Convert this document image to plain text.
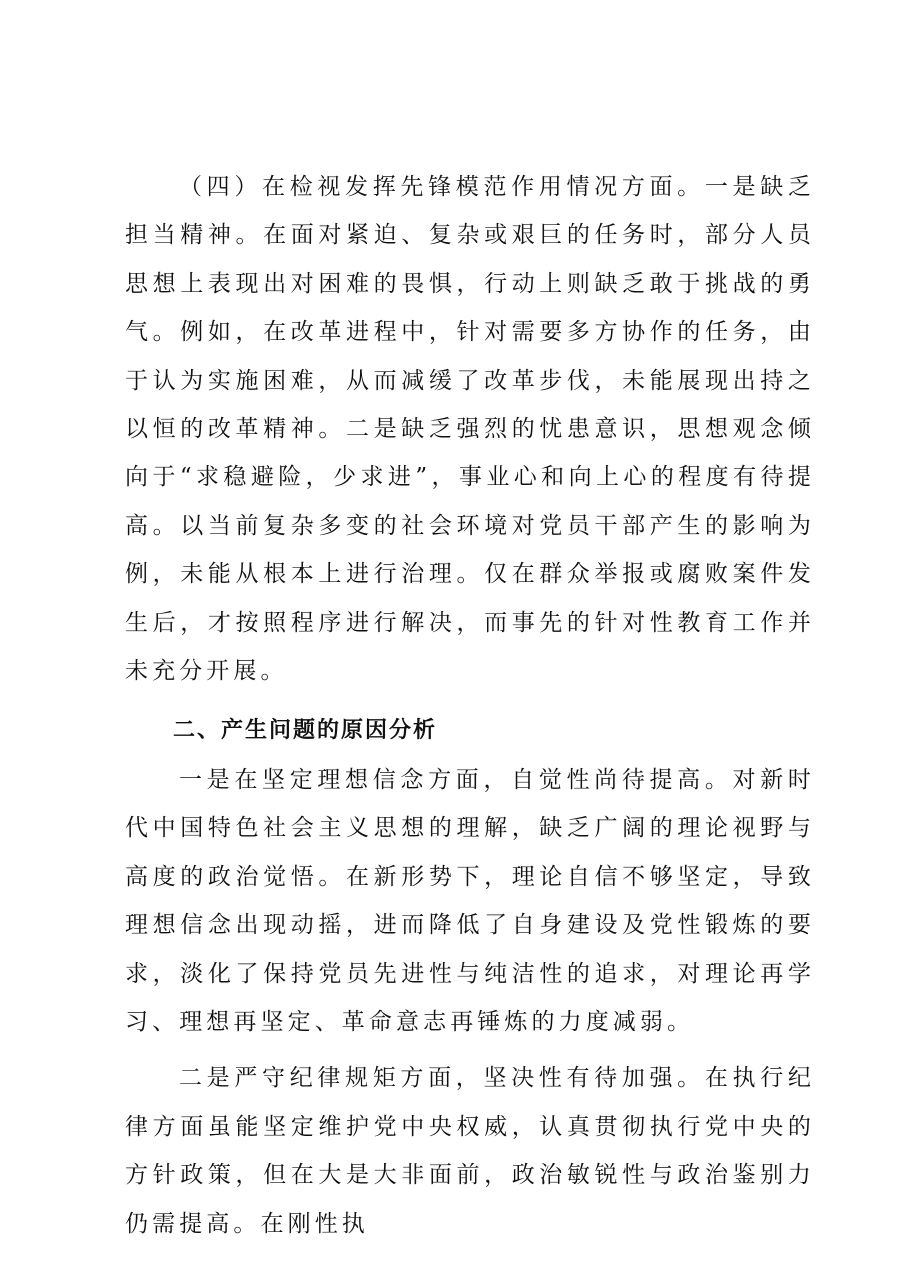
（四）在检视发挥先锋模范作用情况方面。一是缺乏担当精神。在面对紧迫、复杂或艰巨的任务时，部分人员思想上表现出对困难的畏惧，行动上则缺乏敢于挑战的勇气。例如，在改革进程中，针对需要多方协作的任务，由于认为实施困难，从而减缓了改革步伐，未能展现出持之以恒的改革精神。二是缺乏强烈的忧患意识，思想观念倾向于“求稳避险，少求进”，事业心和向上心的程度有待提高。以当前复杂多变的社会环境对党员干部产生的影响为例，未能从根本上进行治理。仅在群众举报或腐败案件发生后，才按照程序进行解决，而事先的针对性教育工作并未充分开展。

二、产生问题的原因分析

一是在坚定理想信念方面，自觉性尚待提高。对新时代中国特色社会主义思想的理解，缺乏广阔的理论视野与高度的政治觉悟。在新形势下，理论自信不够坚定，导致理想信念出现动摇，进而降低了自身建设及党性锻炼的要求，淡化了保持党员先进性与纯洁性的追求，对理论再学习、理想再坚定、革命意志再锤炼的力度减弱。

二是严守纪律规矩方面，坚决性有待加强。在执行纪律方面虽能坚定维护党中央权威，认真贯彻执行党中央的方针政策，但在大是大非面前，政治敏锐性与政治鉴别力仍需提高。在刚性执
